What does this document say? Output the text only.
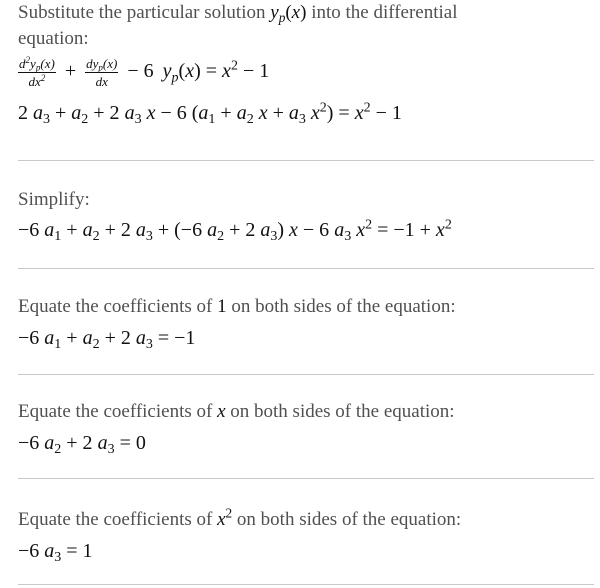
Substitute the particular solution $y_p(x)$ into the differential
equation:
$\frac{d^2y_p(x)}{dx^2} + \frac{dy_p(x)}{dx} - 6$ $y_p(x) = x^2 - 1$
2 $a_3 + a_2 + 2$ $a_3$ x − 6 ($a_1 + a_2$ $x + a_3$ $x^2) = x^2 - 1$
Simplify:
−6 $a_1 + a_2 + 2$ $a_3 + (-6$ $a_2 + 2$ $a_3$) x − 6 $a_3$ $x^2 = -1 + x^2$
Equate the coefficients of 1 on both sides of the equation:
−6 $a_1 + a_2 + 2$ $a_3 = -1$
Equate the coefficients of x on both sides of the equation:
−6 $a_2 + 2$ $a_3 = 0$
Equate the coefficients of $x^2$ on both sides of the equation:
−6 $a_3 = 1$
